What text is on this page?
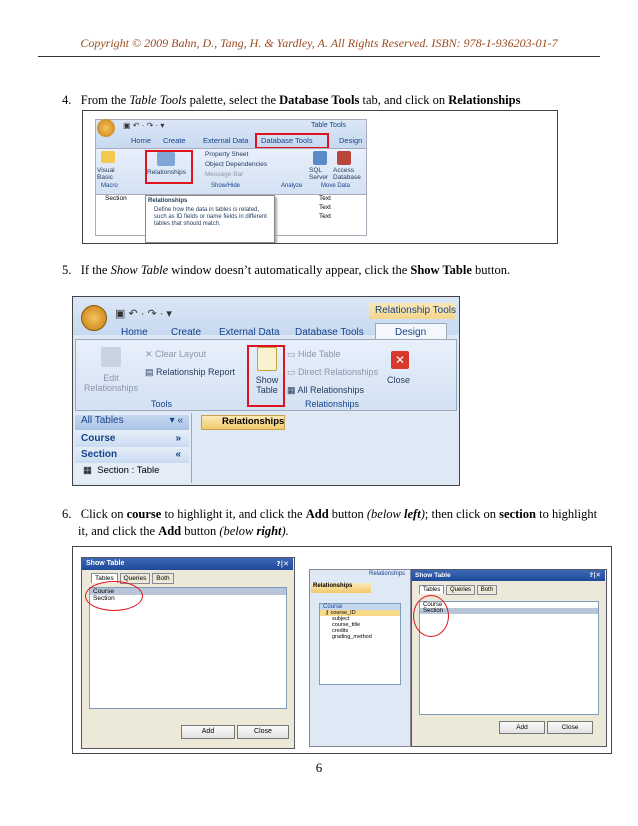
Copyright © 2009 Bahn, D., Tang, H. & Yardley, A. All Rights Reserved. ISBN: 978-1-936203-01-7
4. From the Table Tools palette, select the Database Tools tab, and click on Relationships
▣ ↶ · ↷ · ▾	Table Tools
Home Create External Data Database Tools	Design
Visual Basic
Relationships
Property Sheet
Object Dependencies
Message Bar
SQL Server
Access Database
Macro	Show/Hide	Analyze	Move Data
Section	Text
Text
Text
Relationships
Define how the data in tables is related, such as ID fields or name fields in different tables that should match.
5. If the Show Table window doesn’t automatically appear, click the Show Table button.
▣ ↶ · ↷ · ▾	Relationship Tools
Home Create External Data Database Tools	Design
Edit Relationships
✕ Clear Layout
▤ Relationship Report
Show Table
▭ Hide Table
▭ Direct Relationships
▦ All Relationships
✕
Close
Tools	Relationships
All Tables	▾ «
Course	»
Section	«
▦  Section : Table
Relationships
6. Click on course to highlight it, and click the Add button (below left); then click on section to highlight
it, and click the Add button (below right).
Show Table	?|✕
Tables Queries Both
Course
Section
Add	Close
Relationships
Relationships
Course
⚷ course_ID
subject
course_title
credits
grading_method
Show Table	?|✕
Tables Queries Both
Course
Section
Add	Close
6
